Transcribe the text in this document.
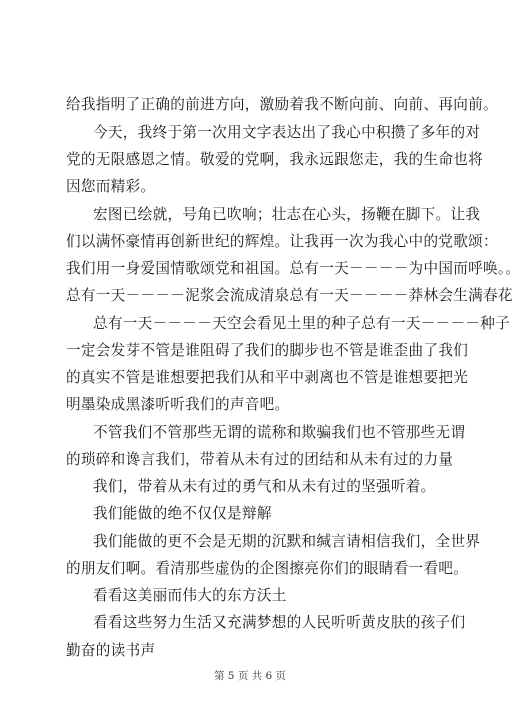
给我指明了正确的前进方向，激励着我不断向前、向前、再向前。
今天，我终于第一次用文字表达出了我心中积攒了多年的对
党的无限感恩之情。敬爱的党啊，我永远跟您走，我的生命也将
因您而精彩。
宏图已绘就，号角已吹响；壮志在心头，扬鞭在脚下。让我
们以满怀豪情再创新世纪的辉煌。让我再一次为我心中的党歌颂：
我们用一身爱国情歌颂党和祖国。总有一天－－－－为中国而呼唤。。
总有一天－－－－泥浆会流成清泉总有一天－－－－莽林会生满春花
总有一天－－－－天空会看见土里的种子总有一天－－－－种子
一定会发芽不管是谁阻碍了我们的脚步也不管是谁歪曲了我们
的真实不管是谁想要把我们从和平中剥离也不管是谁想要把光
明墨染成黑漆听听我们的声音吧。
不管我们不管那些无谓的谎称和欺骗我们也不管那些无谓
的琐碎和谗言我们，带着从未有过的团结和从未有过的力量
我们，带着从未有过的勇气和从未有过的坚强听着。
我们能做的绝不仅仅是辩解
我们能做的更不会是无期的沉默和缄言请相信我们，全世界
的朋友们啊。看清那些虚伪的企图擦亮你们的眼睛看一看吧。
看看这美丽而伟大的东方沃土
看看这些努力生活又充满梦想的人民听听黄皮肤的孩子们
勤奋的读书声
第 5 页 共 6 页
